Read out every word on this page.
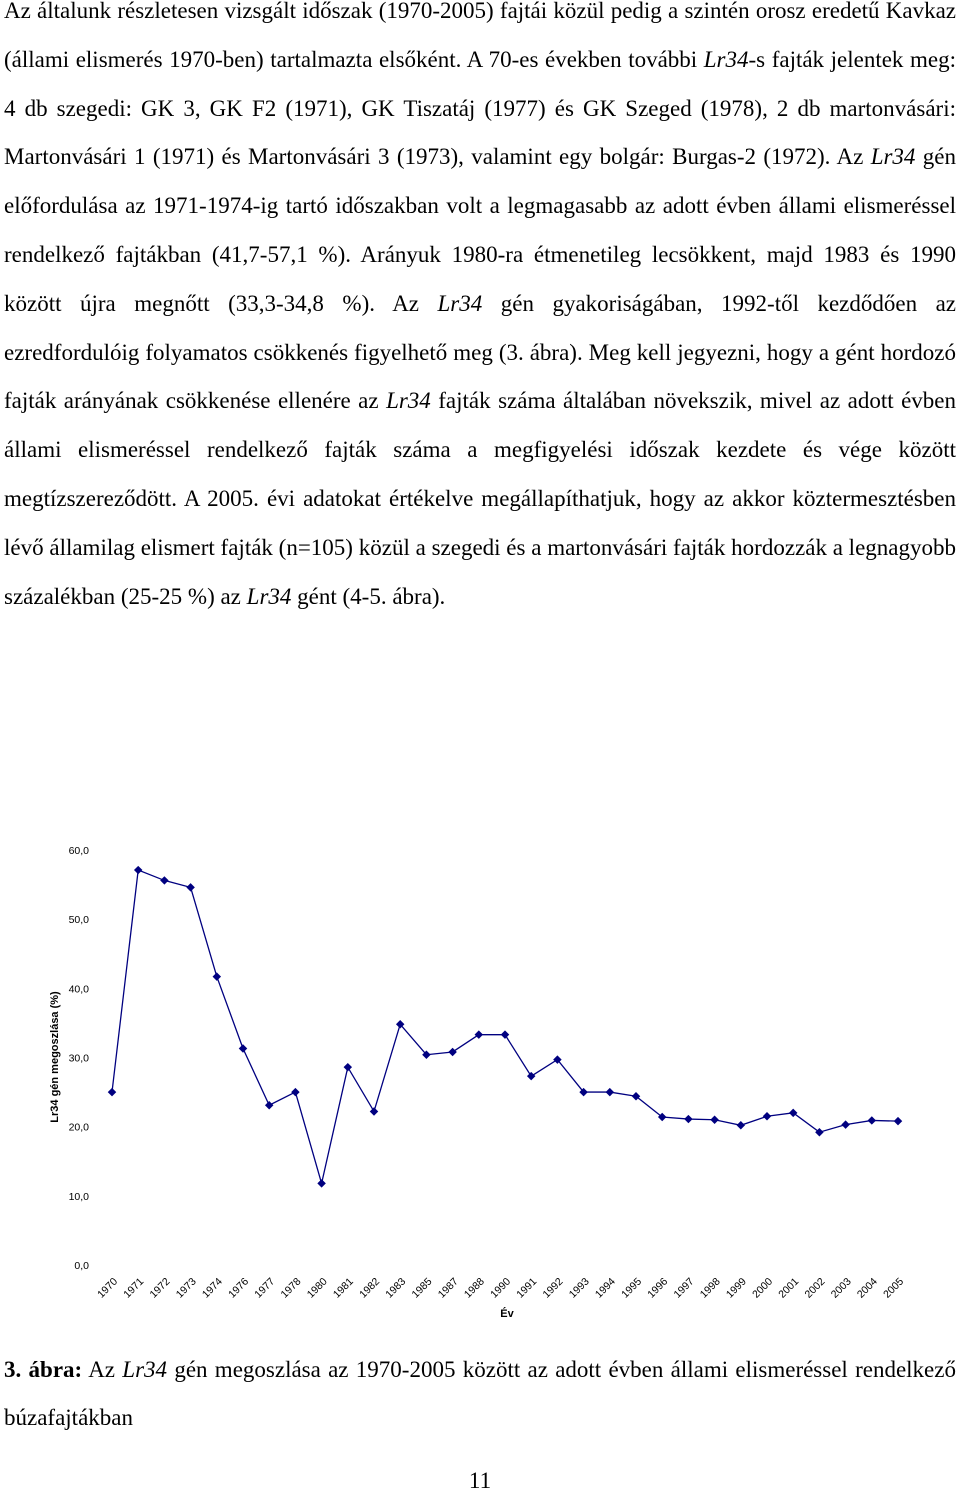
Az általunk részletesen vizsgált időszak (1970-2005) fajtái közül pedig a szintén orosz eredetű Kavkaz (állami elismerés 1970-ben) tartalmazta elsőként. A 70-es években további Lr34-s fajták jelentek meg: 4 db szegedi: GK 3, GK F2 (1971), GK Tiszatáj (1977) és GK Szeged (1978), 2 db martonvásári: Martonvásári 1 (1971) és Martonvásári 3 (1973), valamint egy bolgár: Burgas-2 (1972). Az Lr34 gén előfordulása az 1971-1974-ig tartó időszakban volt a legmagasabb az adott évben állami elismeréssel rendelkező fajtákban (41,7-57,1 %). Arányuk 1980-ra étmenetileg lecsökkent, majd 1983 és 1990 között újra megnőtt (33,3-34,8 %). Az Lr34 gén gyakoriságában, 1992-től kezdődően az ezredfordulóig folyamatos csökkenés figyelhető meg (3. ábra). Meg kell jegyezni, hogy a gént hordozó fajták arányának csökkenése ellenére az Lr34 fajták száma általában növekszik, mivel az adott évben állami elismeréssel rendelkező fajták száma a megfigyelési időszak kezdete és vége között megtízszereződött. A 2005. évi adatokat értékelve megállapíthatjuk, hogy az akkor köztermesztésben lévő államilag elismert fajták (n=105) közül a szegedi és a martonvásári fajták hordozzák a legnagyobb százalékban (25-25 %) az Lr34 gént (4-5. ábra).

0,0
10,0
20,0
30,0
40,0
50,0
60,0
1970 1971 1972 1973 1974 1976 1977 1978 1980 1981 1982 1983 1985 1987 1988 1990 1991 1992 1993 1994 1995 1996 1997 1998 1999 2000 2001 2002 2003 2004 2005
Lr34 gén megoszlása (%)
Év

3. ábra: Az Lr34 gén megoszlása az 1970-2005 között az adott évben állami elismeréssel rendelkező búzafajtákban

11
